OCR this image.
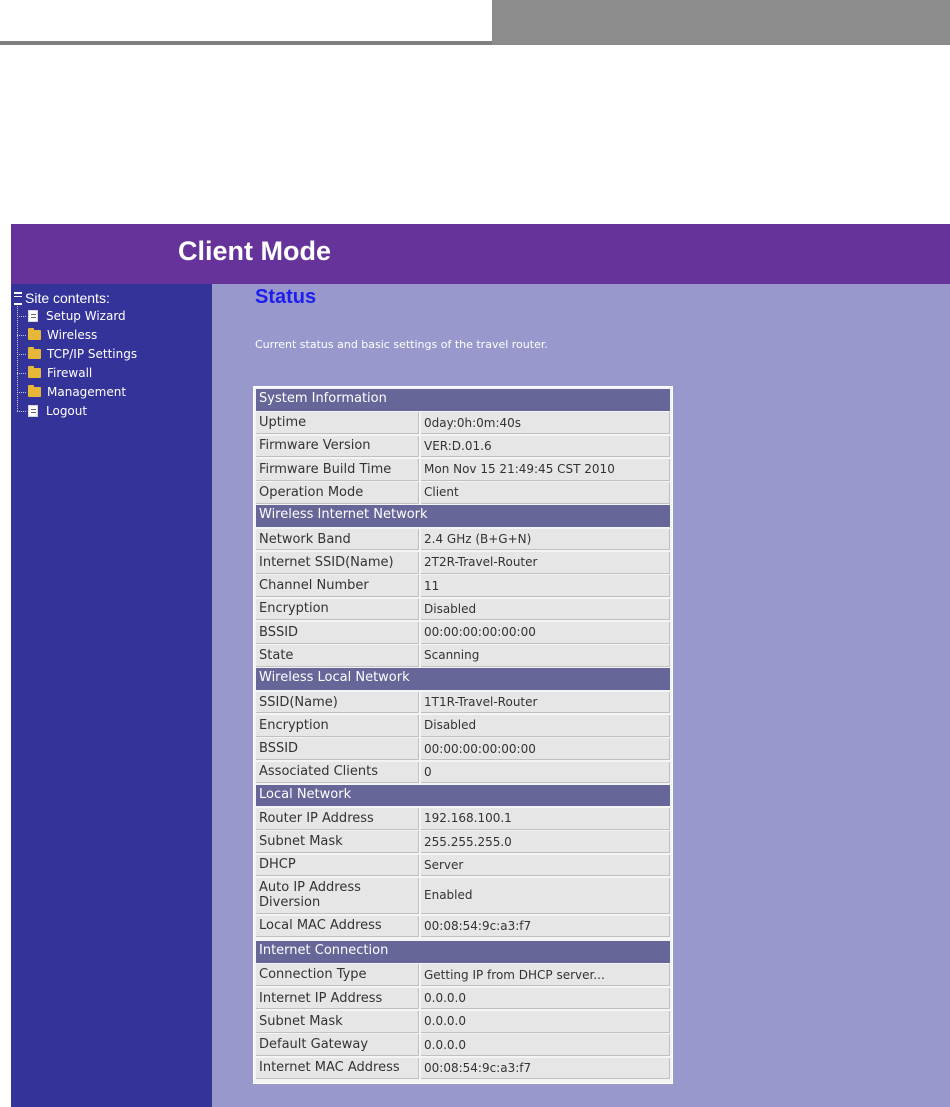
Client Mode
Site contents:
Setup Wizard
Wireless
TCP/IP Settings
Firewall
Management
Logout
Status
Current status and basic settings of the travel router.
System Information
Uptime	0day:0h:0m:40s
Firmware Version	VER:D.01.6
Firmware Build Time	Mon Nov 15 21:49:45 CST 2010
Operation Mode	Client
Wireless Internet Network
Network Band	2.4 GHz (B+G+N)
Internet SSID(Name)	2T2R-Travel-Router
Channel Number	11
Encryption	Disabled
BSSID	00:00:00:00:00:00
State	Scanning
Wireless Local Network
SSID(Name)	1T1R-Travel-Router
Encryption	Disabled
BSSID	00:00:00:00:00:00
Associated Clients	0
Local Network
Router IP Address	192.168.100.1
Subnet Mask	255.255.255.0
DHCP	Server
Auto IP Address Diversion	Enabled
Local MAC Address	00:08:54:9c:a3:f7
Internet Connection
Connection Type	Getting IP from DHCP server...
Internet IP Address	0.0.0.0
Subnet Mask	0.0.0.0
Default Gateway	0.0.0.0
Internet MAC Address	00:08:54:9c:a3:f7
